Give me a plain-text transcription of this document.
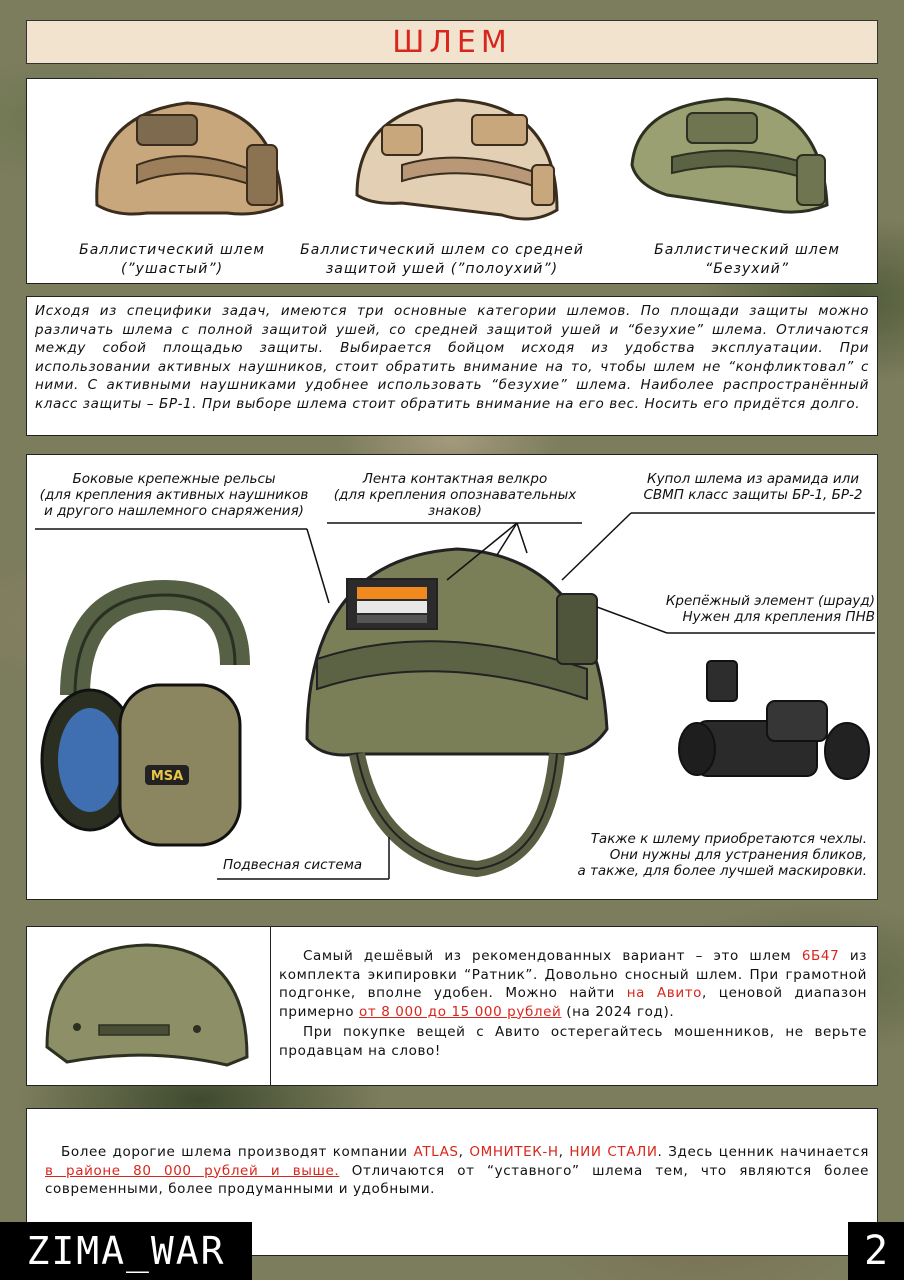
ШЛЕМ
Баллистический шлем
(”ушастый”)
Баллистический шлем со средней
защитой ушей (”полоухий”)
Баллистический шлем
“Безухий”
Исходя из специфики задач, имеются три основные категории шлемов. По площади защиты можно различать шлема с полной защитой ушей, со средней защитой ушей и “безухие” шлема. Отличаются между собой площадью защиты. Выбирается бойцом исходя из удобства эксплуатации. При использовании активных наушников, стоит обратить внимание на то, чтобы шлем не “конфликтовал” с ними. С активными наушниками удобнее использовать “безухие” шлема. Наиболее распространённый класс защиты – БР-1. При выборе шлема стоит обратить внимание на его вес. Носить его придётся долго.
MSA
Боковые крепежные рельсы
(для крепления активных наушников
и другого нашлемного снаряжения)
Лента контактная велкро
(для крепления опознавательных
знаков)
Купол шлема из арамида или
СВМП класс защиты БР-1, БР-2
Крепёжный элемент (шрауд)
Нужен для крепления ПНВ
Подвесная система
Также к шлему приобретаются чехлы.
Они нужны для устранения бликов,
а также, для более лучшей маскировки.
Самый дешёвый из рекомендованных вариант – это шлем 6Б47 из комплекта экипировки “Ратник”. Довольно сносный шлем. При грамотной подгонке, вполне удобен. Можно найти на Авито, ценовой диапазон примерно от 8 000 до 15 000 рублей (на 2024 год).
При покупке вещей с Авито остерегайтесь мошенников, не верьте продавцам на слово!
Более дорогие шлема производят компании ATLAS, ОМНИТЕК-Н, НИИ СТАЛИ. Здесь ценник начинается в районе 80 000 рублей и выше. Отличаются от “уставного” шлема тем, что являются более современными, более продуманными и удобными.
ZIMA_WAR	2
